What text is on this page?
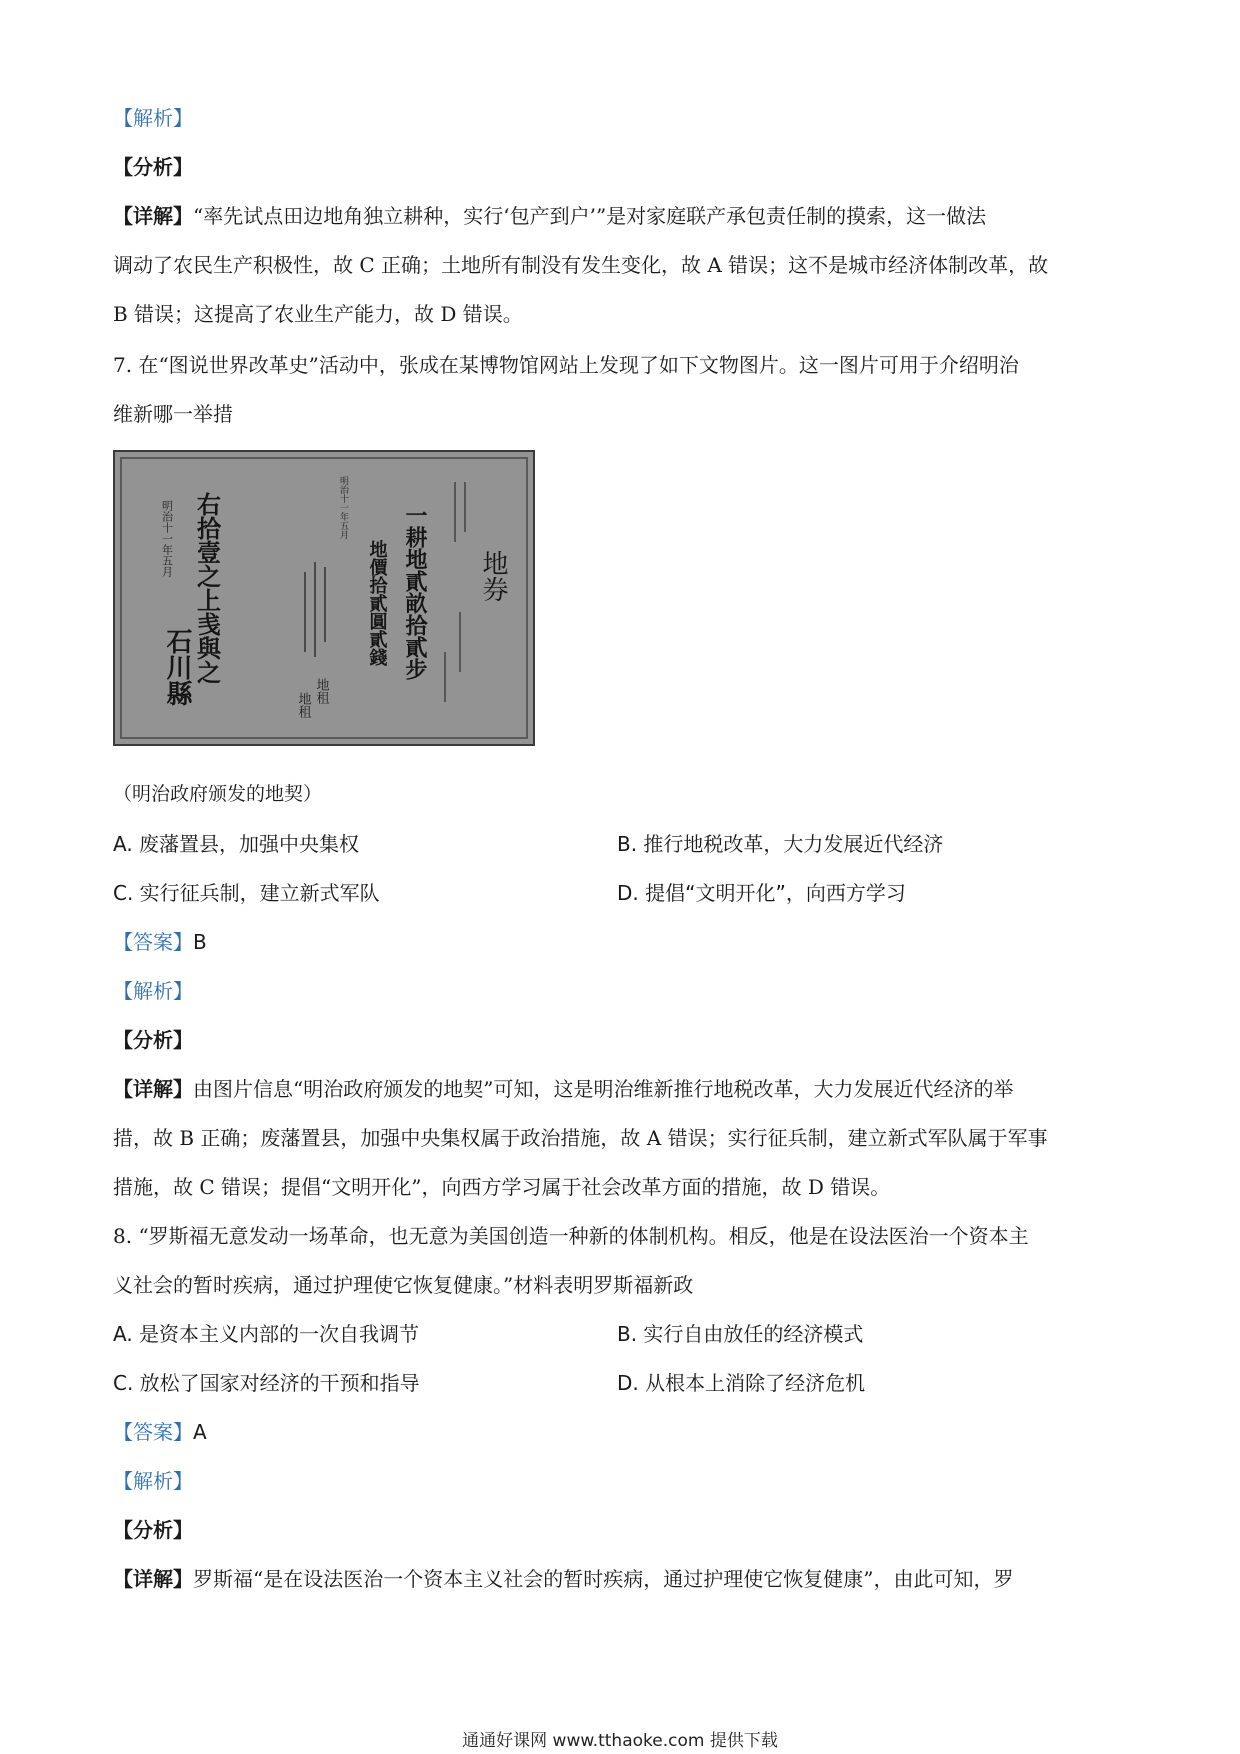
【解析】
【分析】
【详解】“率先试点田边地角独立耕种，实行‘包产到户’”是对家庭联产承包责任制的摸索，这一做法
调动了农民生产积极性，故 C 正确；土地所有制没有发生变化，故 A 错误；这不是城市经济体制改革，故
B 错误；这提高了农业生产能力，故 D 错误。
7. 在“图说世界改革史”活动中，张成在某博物馆网站上发现了如下文物图片。这一图片可用于介绍明治
维新哪一举措
明治十一年五月
右拾壹之上㦮與之
石川縣
明治十一年五月	一耕地貳畝拾貳步
地價拾貳圓貳錢	地券
地租
地租
（明治政府颁发的地契）
A. 废藩置县，加强中央集权	B. 推行地税改革，大力发展近代经济
C. 实行征兵制，建立新式军队	D. 提倡“文明开化”，向西方学习
【答案】B
【解析】
【分析】
【详解】由图片信息“明治政府颁发的地契”可知，这是明治维新推行地税改革，大力发展近代经济的举
措，故 B 正确；废藩置县，加强中央集权属于政治措施，故 A 错误；实行征兵制，建立新式军队属于军事
措施，故 C 错误；提倡“文明开化”，向西方学习属于社会改革方面的措施，故 D 错误。
8. “罗斯福无意发动一场革命，也无意为美国创造一种新的体制机构。相反，他是在设法医治一个资本主
义社会的暂时疾病，通过护理使它恢复健康。”材料表明罗斯福新政
A. 是资本主义内部的一次自我调节	B. 实行自由放任的经济模式
C. 放松了国家对经济的干预和指导	D. 从根本上消除了经济危机
【答案】A
【解析】
【分析】
【详解】罗斯福“是在设法医治一个资本主义社会的暂时疾病，通过护理使它恢复健康”，由此可知，罗
通通好课网 www.tthaoke.com 提供下载
